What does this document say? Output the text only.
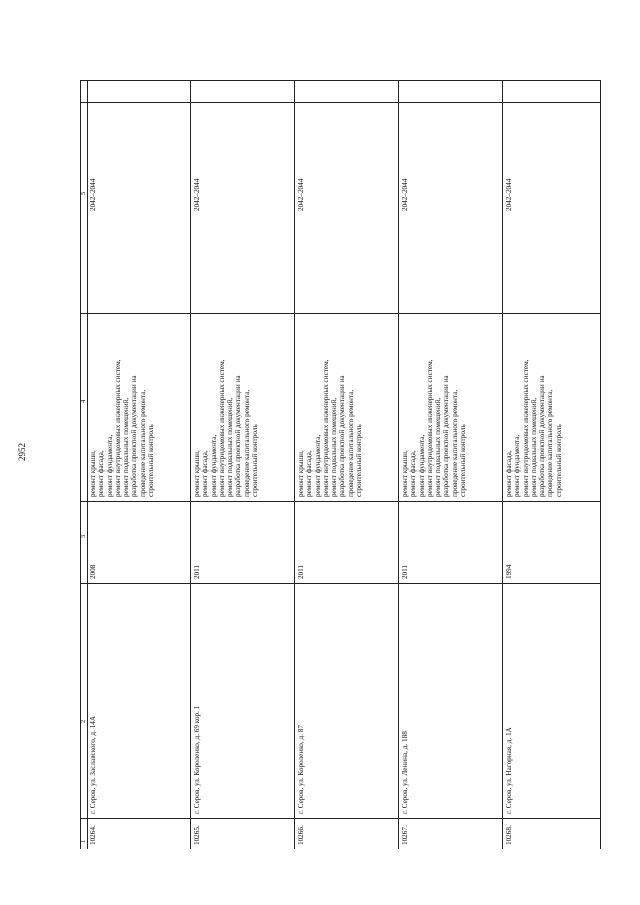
2952
1
2
3
4
5
10264.
г. Серов, ул. Заславского, д. 14А
2008
ремонт крыши, ремонт фасада, ремонт фундамента, ремонт внутридомовых инженерных систем, ремонт подвальных помещений, разработка проектной документации на проведение капитального ремонта, строительный контроль
2042–2044
10265.
г. Серов, ул. Короленко, д. 69 кор. 1
2011
ремонт крыши, ремонт фасада, ремонт фундамента, ремонт внутридомовых инженерных систем, ремонт подвальных помещений, разработка проектной документации на проведение капитального ремонта, строительный контроль
2042–2044
10266.
г. Серов, ул. Короленко, д. 87
2011
ремонт крыши, ремонт фасада, ремонт фундамента, ремонт внутридомовых инженерных систем, ремонт подвальных помещений, разработка проектной документации на проведение капитального ремонта, строительный контроль
2042–2044
10267.
г. Серов, ул. Ленина, д. 188
2011
ремонт крыши, ремонт фасада, ремонт фундамента, ремонт внутридомовых инженерных систем, ремонт подвальных помещений, разработка проектной документации на проведение капитального ремонта, строительный контроль
2042–2044
10268.
г. Серов, ул. Нагорная, д. 1А
1994
ремонт фасада, ремонт фундамента, ремонт внутридомовых инженерных систем, ремонт подвальных помещений, разработка проектной документации на проведение капитального ремонта, строительный контроль
2042–2044
